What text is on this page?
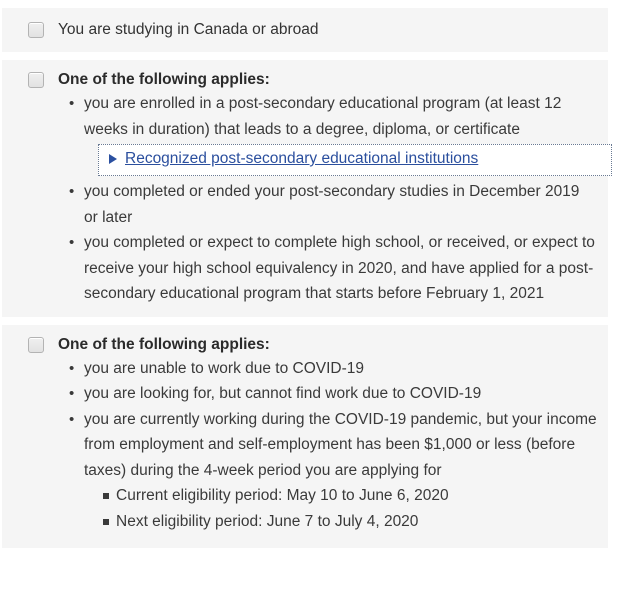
You are studying in Canada or abroad
One of the following applies:
• you are enrolled in a post-secondary educational program (at least 12 weeks in duration) that leads to a degree, diploma, or certificate
Recognized post-secondary educational institutions
• you completed or ended your post-secondary studies in December 2019 or later
• you completed or expect to complete high school, or received, or expect to receive your high school equivalency in 2020, and have applied for a post-secondary educational program that starts before February 1, 2021
One of the following applies:
• you are unable to work due to COVID-19
• you are looking for, but cannot find work due to COVID-19
• you are currently working during the COVID-19 pandemic, but your income from employment and self-employment has been $1,000 or less (before taxes) during the 4-week period you are applying for
Current eligibility period: May 10 to June 6, 2020
Next eligibility period: June 7 to July 4, 2020
